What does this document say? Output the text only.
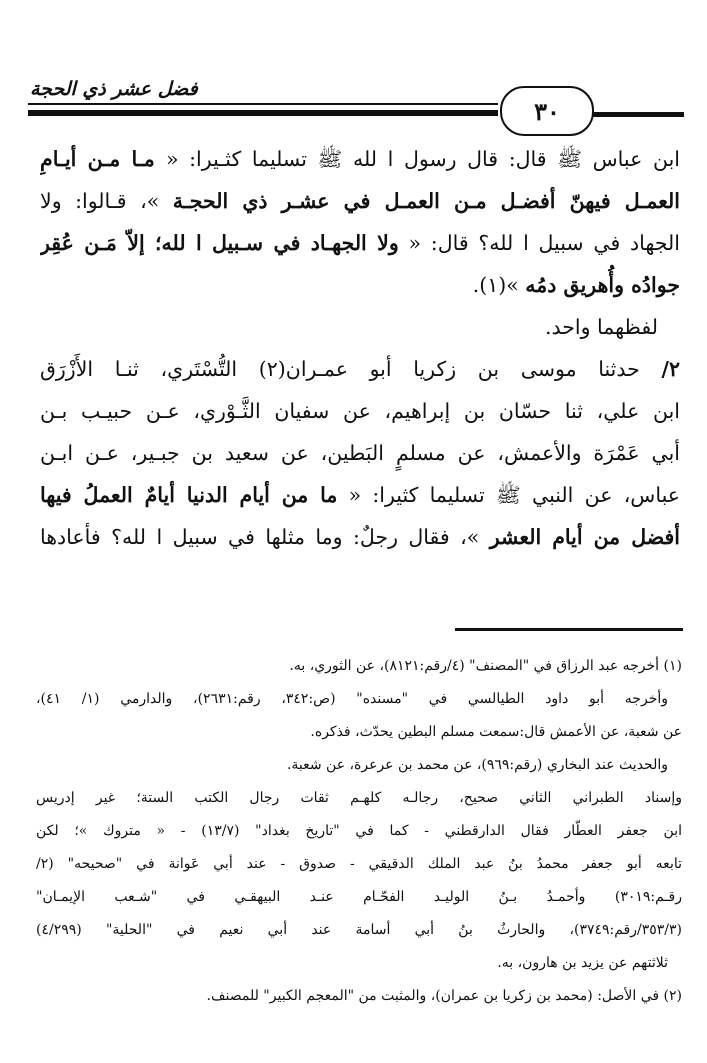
فضل عشر ذي الحجة
٣٠
ابن عباس ﷺ قال: قال رسول ا لله ﷺ تسليما كثـيرا: « مـا مـن أيـامِ
العمـل فيهنّ أفضـل مـن العمـل في عشـر ذي الحجـة »، قـالوا: ولا
الجهاد في سبيل ا لله؟ قال: « ولا الجهـاد في سـبيل ا لله؛ إلاّ مَـن عُقِر
جوادُه وأُهريق دمُه »(١).
لفظهما واحد.
٢/ حدثنا موسى بن زكريا أبو عمـران(٢) التُّسْتَري، ثنـا الأَزْرَق
ابن علي، ثنا حسّان بن إبراهيم، عن سفيان الثَّـوْري، عـن حبيـب بـن
أبي عَمْرَة والأعمش، عن مسلمٍ البَطين، عن سعيد بن جبـير، عـن ابـن
عباس، عن النبي ﷺ تسليما كثيرا: « ما من أيام الدنيا أيامٌ العملُ فيها
أفضل من أيام العشر »، فقال رجلٌ: وما مثلها في سبيل ا لله؟ فأعادها
(١) أخرجه عبد الرزاق في "المصنف" (٤/رقم:٨١٢١)، عن الثوري، به.
وأخرجه أبو داود الطيالسي في "مسنده" (ص:٣٤٢، رقم:٢٦٣١)، والدارمي (١/ ٤١)،
عن شعبة، عن الأعمش قال:سمعت مسلم البطين يحدّث، فذكره.
والحديث عند البخاري (رقم:٩٦٩)، عن محمد بن عرعرة، عن شعبة.
وإسناد الطبراني الثاني صحيح، رجالـه كلهـم ثقات رجال الكتب الستة؛ غير إدريس
ابن جعفر العطّار فقال الدارقطني - كما في "تاريخ بغداد" (١٣/٧) - « متروك »؛ لكن
تابعه أبو جعفر محمدُ بنُ عبد الملك الدقيقي - صدوق - عند أبي عَوانة في "صحيحه" (٢/
رقـم:٣٠١٩) وأحمـدُ بـنُ الوليـد الفحّـام عنـد البيهقـي في "شـعب الإيمـان"
(٣٥٣/٣/رقم:٣٧٤٩)، والحارثُ بنُ أبي أسامة عند أبي نعيم في "الحلية" (٤/٢٩٩)
ثلاثتهم عن يزيد بن هارون، به.
(٢) في الأصل: (محمد بن زكريا بن عمران)، والمثبت من "المعجم الكبير" للمصنف.
